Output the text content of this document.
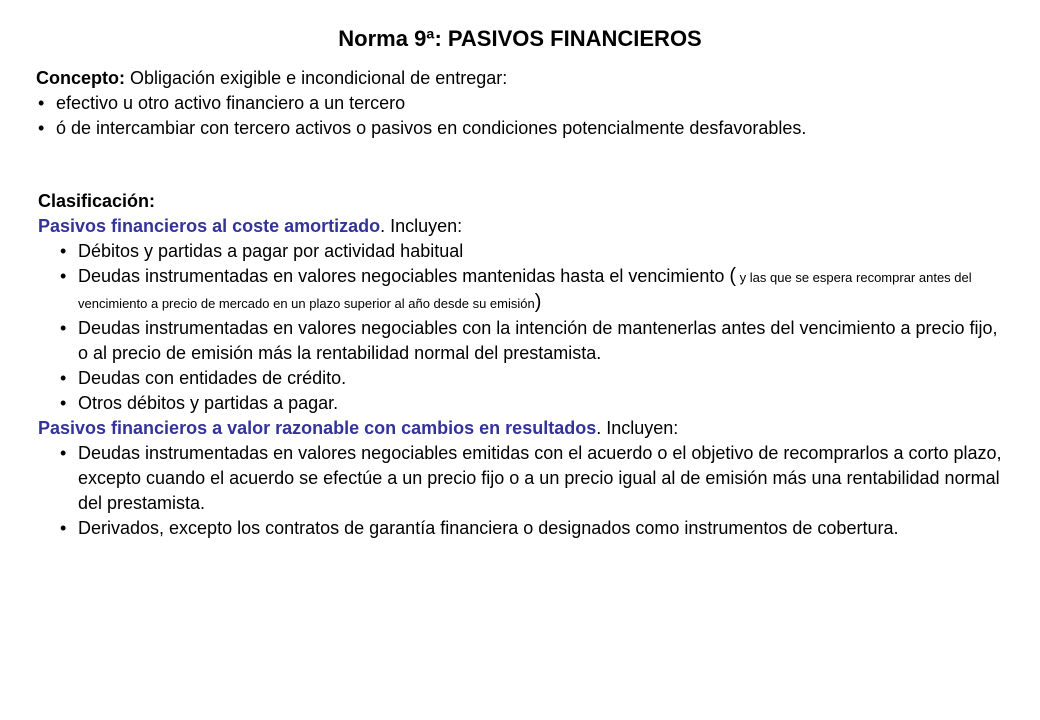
Norma 9ª: PASIVOS FINANCIEROS

Concepto: Obligación exigible e incondicional de entregar:

• efectivo u otro activo financiero a un tercero

• ó de intercambiar con tercero activos o pasivos en condiciones potencialmente desfavorables.

Clasificación:

Pasivos financieros al coste amortizado. Incluyen:

• Débitos y partidas a pagar por actividad habitual

• Deudas instrumentadas en valores negociables mantenidas hasta el vencimiento ( y las que se espera recomprar antes del vencimiento a precio de mercado en un plazo superior al año desde su emisión)

• Deudas instrumentadas en valores negociables con la intención de mantenerlas antes del vencimiento a precio fijo, o al precio de emisión más la rentabilidad normal del prestamista.

• Deudas con entidades de crédito.

• Otros débitos y partidas a pagar.

Pasivos financieros a valor razonable con cambios en resultados. Incluyen:

• Deudas instrumentadas en valores negociables emitidas con el acuerdo o el objetivo de recomprarlos a corto plazo, excepto cuando el acuerdo se efectúe a un precio fijo o a un precio igual al de emisión más una rentabilidad normal del prestamista.

• Derivados, excepto los contratos de garantía financiera o designados como instrumentos de cobertura.
